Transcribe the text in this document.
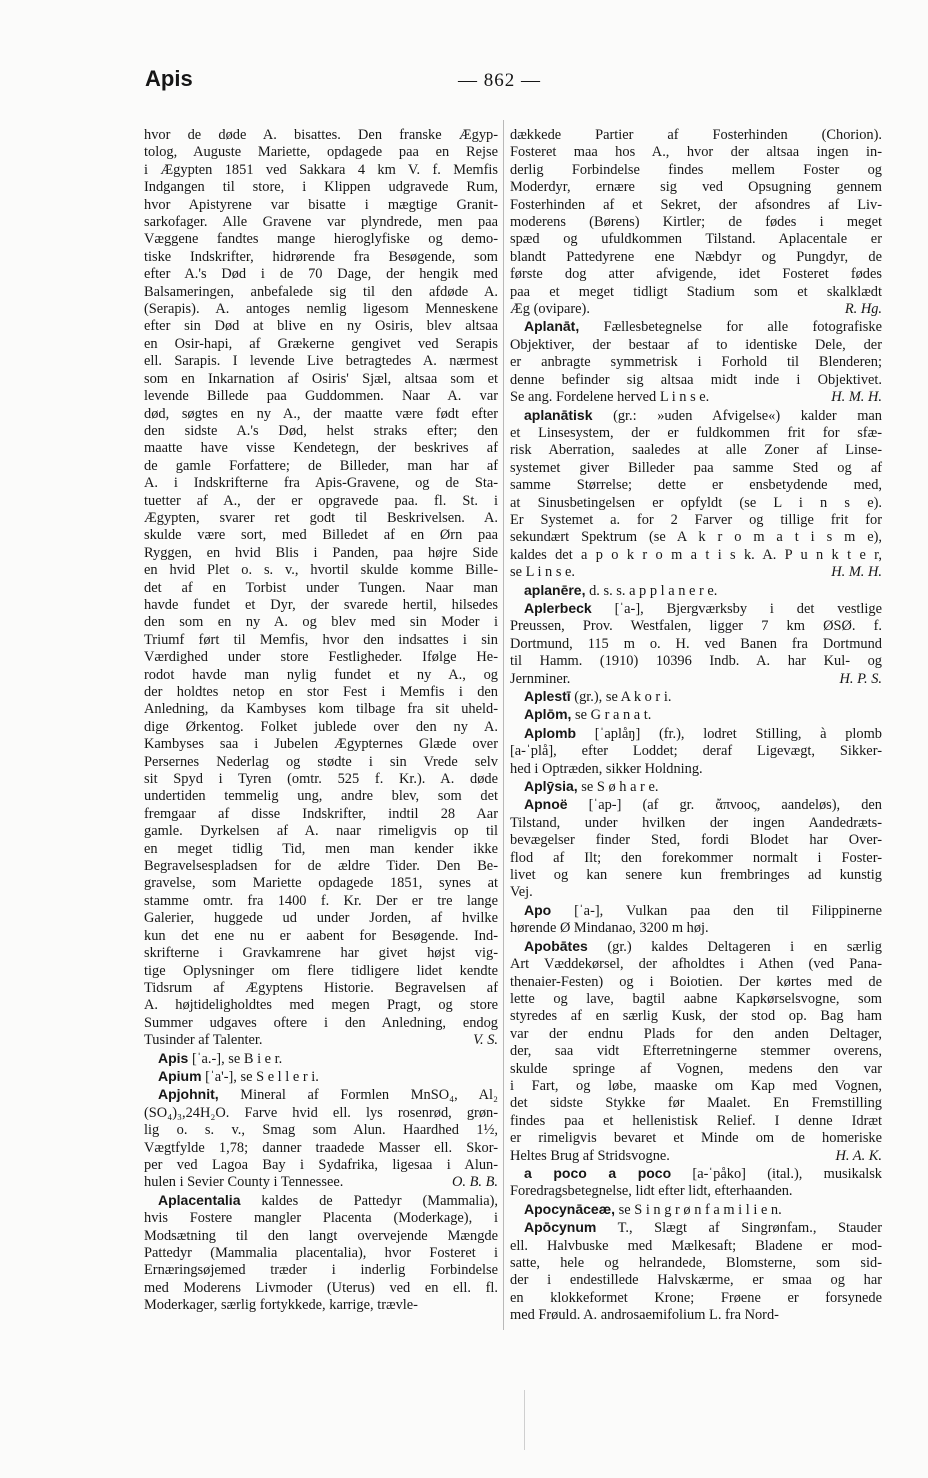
Apis	— 862 —
hvor de døde A. bisattes. Den franske Ægyp-
tolog, Auguste Mariette, opdagede paa en Rejse
i Ægypten 1851 ved Sakkara 4 km V. f. Memfis
Indgangen til store, i Klippen udgravede Rum,
hvor Apistyrene var bisatte i mægtige Granit-
sarkofager. Alle Gravene var plyndrede, men paa
Væggene fandtes mange hieroglyfiske og demo-
tiske Indskrifter, hidrørende fra Besøgende, som
efter A.'s Død i de 70 Dage, der hengik med
Balsameringen, anbefalede sig til den afdøde A.
(Serapis). A. antoges nemlig ligesom Menneskene
efter sin Død at blive en ny Osiris, blev altsaa
en Osir-hapi, af Grækerne gengivet ved Serapis
ell. Sarapis. I levende Live betragtedes A. nærmest
som en Inkarnation af Osiris' Sjæl, altsaa som et
levende Billede paa Guddommen. Naar A. var
død, søgtes en ny A., der maatte være født efter
den sidste A.'s Død, helst straks efter; den
maatte have visse Kendetegn, der beskrives af
de gamle Forfattere; de Billeder, man har af
A. i Indskrifterne fra Apis-Gravene, og de Sta-
tuetter af A., der er opgravede paa. fl. St. i
Ægypten, svarer ret godt til Beskrivelsen. A.
skulde være sort, med Billedet af en Ørn paa
Ryggen, en hvid Blis i Panden, paa højre Side
en hvid Plet o. s. v., hvortil skulde komme Bille-
det af en Torbist under Tungen. Naar man
havde fundet et Dyr, der svarede hertil, hilsedes
den som en ny A. og blev med sin Moder i
Triumf ført til Memfis, hvor den indsattes i sin
Værdighed under store Festligheder. Ifølge He-
rodot havde man nylig fundet et ny A., og
der holdtes netop en stor Fest i Memfis i den
Anledning, da Kambyses kom tilbage fra sit uheld-
dige Ørkentog. Folket jublede over den ny A.
Kambyses saa i Jubelen Ægypternes Glæde over
Persernes Nederlag og stødte i sin Vrede selv
sit Spyd i Tyren (omtr. 525 f. Kr.). A. døde
undertiden temmelig ung, andre blev, som det
fremgaar af disse Indskrifter, indtil 28 Aar
gamle. Dyrkelsen af A. naar rimeligvis op til
en meget tidlig Tid, men man kender ikke
Begravelsespladsen for de ældre Tider. Den Be-
gravelse, som Mariette opdagede 1851, synes at
stamme omtr. fra 1400 f. Kr. Der er tre lange
Galerier, huggede ud under Jorden, af hvilke
kun det ene nu er aabent for Besøgende. Ind-
skrifterne i Gravkamrene har givet højst vig-
tige Oplysninger om flere tidligere lidet kendte
Tidsrum af Ægyptens Historie. Begravelsen af
A. højtideligholdtes med megen Pragt, og store
Summer udgaves oftere i den Anledning, endog
Tusinder af Talenter.	V. S.
Apis [ˈa.-], se B i e r.
Apium [ˈa'-], se S e l l e r i.
Apjohnit, Mineral af Formlen MnSO₄, Al₂
(SO₄)₃,24H₂O. Farve hvid ell. lys rosenrød, grøn-
lig o. s. v., Smag som Alun. Haardhed 1½,
Vægtfylde 1,78; danner traadede Masser ell. Skor-
per ved Lagoa Bay i Sydafrika, ligesaa i Alun-
hulen i Sevier County i Tennessee.	O. B. B.
Aplacentalia kaldes de Pattedyr (Mammalia),
hvis Fostere mangler Placenta (Moderkage), i
Modsætning til den langt overvejende Mængde
Pattedyr (Mammalia placentalia), hvor Fosteret i
Ernæringsøjemed træder i inderlig Forbindelse
med Moderens Livmoder (Uterus) ved en ell. fl.
Moderkager, særlig fortykkede, karrige, trævle-
dækkede Partier af Fosterhinden (Chorion).
Fosteret maa hos A., hvor der altsaa ingen in-
derlig Forbindelse findes mellem Foster og
Moderdyr, ernære sig ved Opsugning gennem
Fosterhinden af et Sekret, der afsondres af Liv-
moderens (Børens) Kirtler; de fødes i meget
spæd og ufuldkommen Tilstand. Aplacentale er
blandt Pattedyrene ene Næbdyr og Pungdyr, de
første dog atter afvigende, idet Fosteret fødes
paa et meget tidligt Stadium som et skalklædt
Æg (ovipare).	R. Hg.
Aplanāt, Fællesbetegnelse for alle fotografiske
Objektiver, der bestaar af to identiske Dele, der
er anbragte symmetrisk i Forhold til Blenderen;
denne befinder sig altsaa midt inde i Objektivet.
Se ang. Fordelene herved L i n s e.	H. M. H.
aplanātisk (gr.: »uden Afvigelse«) kalder man
et Linsesystem, der er fuldkommen frit for sfæ-
risk Aberration, saaledes at alle Zoner af Linse-
systemet giver Billeder paa samme Sted og af
samme Størrelse; dette er ensbetydende med,
at Sinusbetingelsen er opfyldt (se L i n s e).
Er Systemet a. for 2 Farver og tillige frit for
sekundært Spektrum (se A k r o m a t i s m e),
kaldes det a p o k r o m a t i s k. A. P u n k t e r,
se L i n s e.	H. M. H.
aplanēre, d. s. s. a p p l a n e r e.
Aplerbeck [ˈa-], Bjergværksby i det vestlige
Preussen, Prov. Westfalen, ligger 7 km ØSØ. f.
Dortmund, 115 m o. H. ved Banen fra Dortmund
til Hamm. (1910) 10396 Indb. A. har Kul- og
Jernminer.	H. P. S.
Aplestī (gr.), se A k o r i.
Aplōm, se G r a n a t.
Aplomb [ˈaplåŋ] (fr.), lodret Stilling, à plomb
[a-ˈplå], efter Loddet; deraf Ligevægt, Sikker-
hed i Optræden, sikker Holdning.
Aplȳsia, se S ø h a r e.
Apnoë [ˈap-] (af gr. ἄπνοος, aandeløs), den
Tilstand, under hvilken der ingen Aandedræts-
bevægelser finder Sted, fordi Blodet har Over-
flod af Ilt; den forekommer normalt i Foster-
livet og kan senere kun frembringes ad kunstig
Vej.
Apo [ˈa-], Vulkan paa den til Filippinerne
hørende Ø Mindanao, 3200 m høj.
Apobātes (gr.) kaldes Deltageren i en særlig
Art Væddekørsel, der afholdtes i Athen (ved Pana-
thenaier-Festen) og i Boiotien. Der kørtes med de
lette og lave, bagtil aabne Kapkørselsvogne, som
styredes af en særlig Kusk, der stod op. Bag ham
var der endnu Plads for den anden Deltager,
der, saa vidt Efterretningerne stemmer overens,
skulde springe af Vognen, medens den var
i Fart, og løbe, maaske om Kap med Vognen,
det sidste Stykke før Maalet. En Fremstilling
findes paa et hellenistisk Relief. I denne Idræt
er rimeligvis bevaret et Minde om de homeriske
Heltes Brug af Stridsvogne.	H. A. K.
a poco a poco [a-ˈpåko] (ital.), musikalsk
Foredragsbetegnelse, lidt efter lidt, efterhaanden.
Apocynāceæ, se S i n g r ø n f a m i l i e n.
Apōcynum T., Slægt af Singrønfam., Stauder
ell. Halvbuske med Mælkesaft; Bladene er mod-
satte, hele og helrandede, Blomsterne, som sid-
der i endestillede Halvskærme, er smaa og har
en klokkeformet Krone; Frøene er forsynede
med Frøuld. A. androsaemifolium L. fra Nord-
